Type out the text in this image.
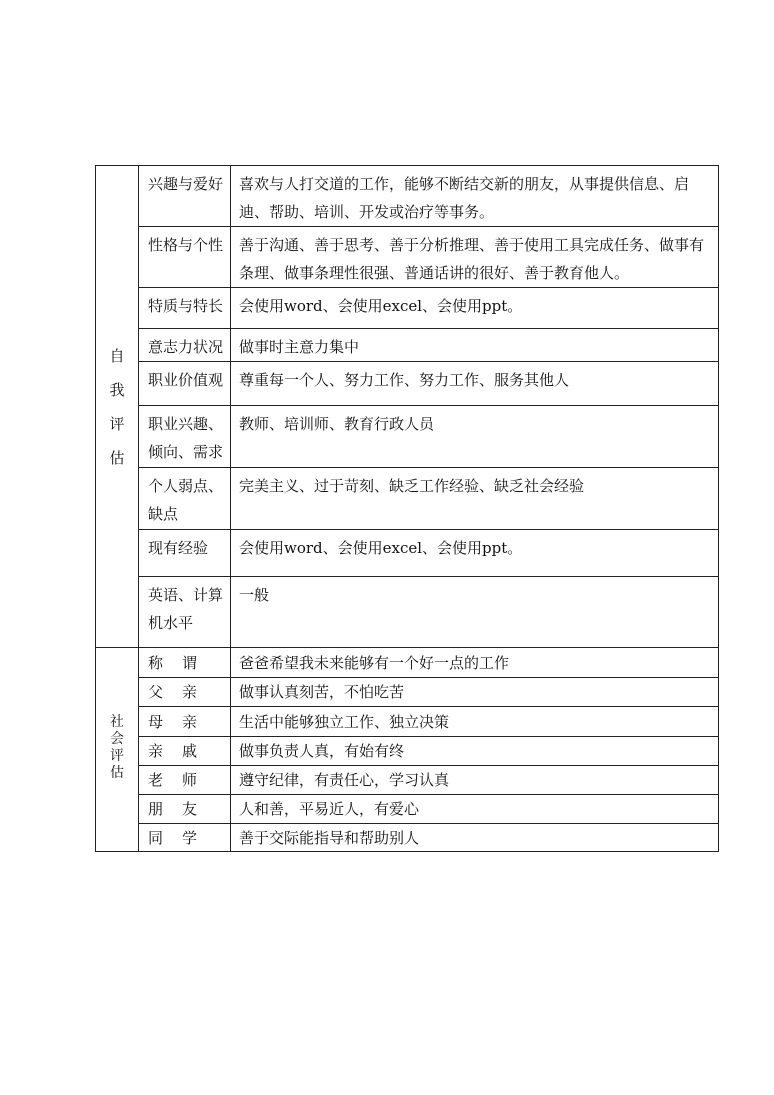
自我评估	兴趣与爱好	喜欢与人打交道的工作，能够不断结交新的朋友，从事提供信息、启迪、帮助、培训、开发或治疗等事务。
	性格与个性	善于沟通、善于思考、善于分析推理、善于使用工具完成任务、做事有条理、做事条理性很强、普通话讲的很好、善于教育他人。
	特质与特长	会使用word、会使用excel、会使用ppt。
	意志力状况	做事时主意力集中
	职业价值观	尊重每一个人、努力工作、努力工作、服务其他人
	职业兴趣、倾向、需求	教师、培训师、教育行政人员
	个人弱点、缺点	完美主义、过于苛刻、缺乏工作经验、缺乏社会经验
	现有经验	会使用word、会使用excel、会使用ppt。
	英语、计算机水平	一般
社会评估	称 谓	爸爸希望我未来能够有一个好一点的工作
	父 亲	做事认真刻苦，不怕吃苦
	母 亲	生活中能够独立工作、独立决策
	亲 戚	做事负责人真，有始有终
	老 师	遵守纪律，有责任心，学习认真
	朋 友	人和善，平易近人，有爱心
	同 学	善于交际能指导和帮助别人
